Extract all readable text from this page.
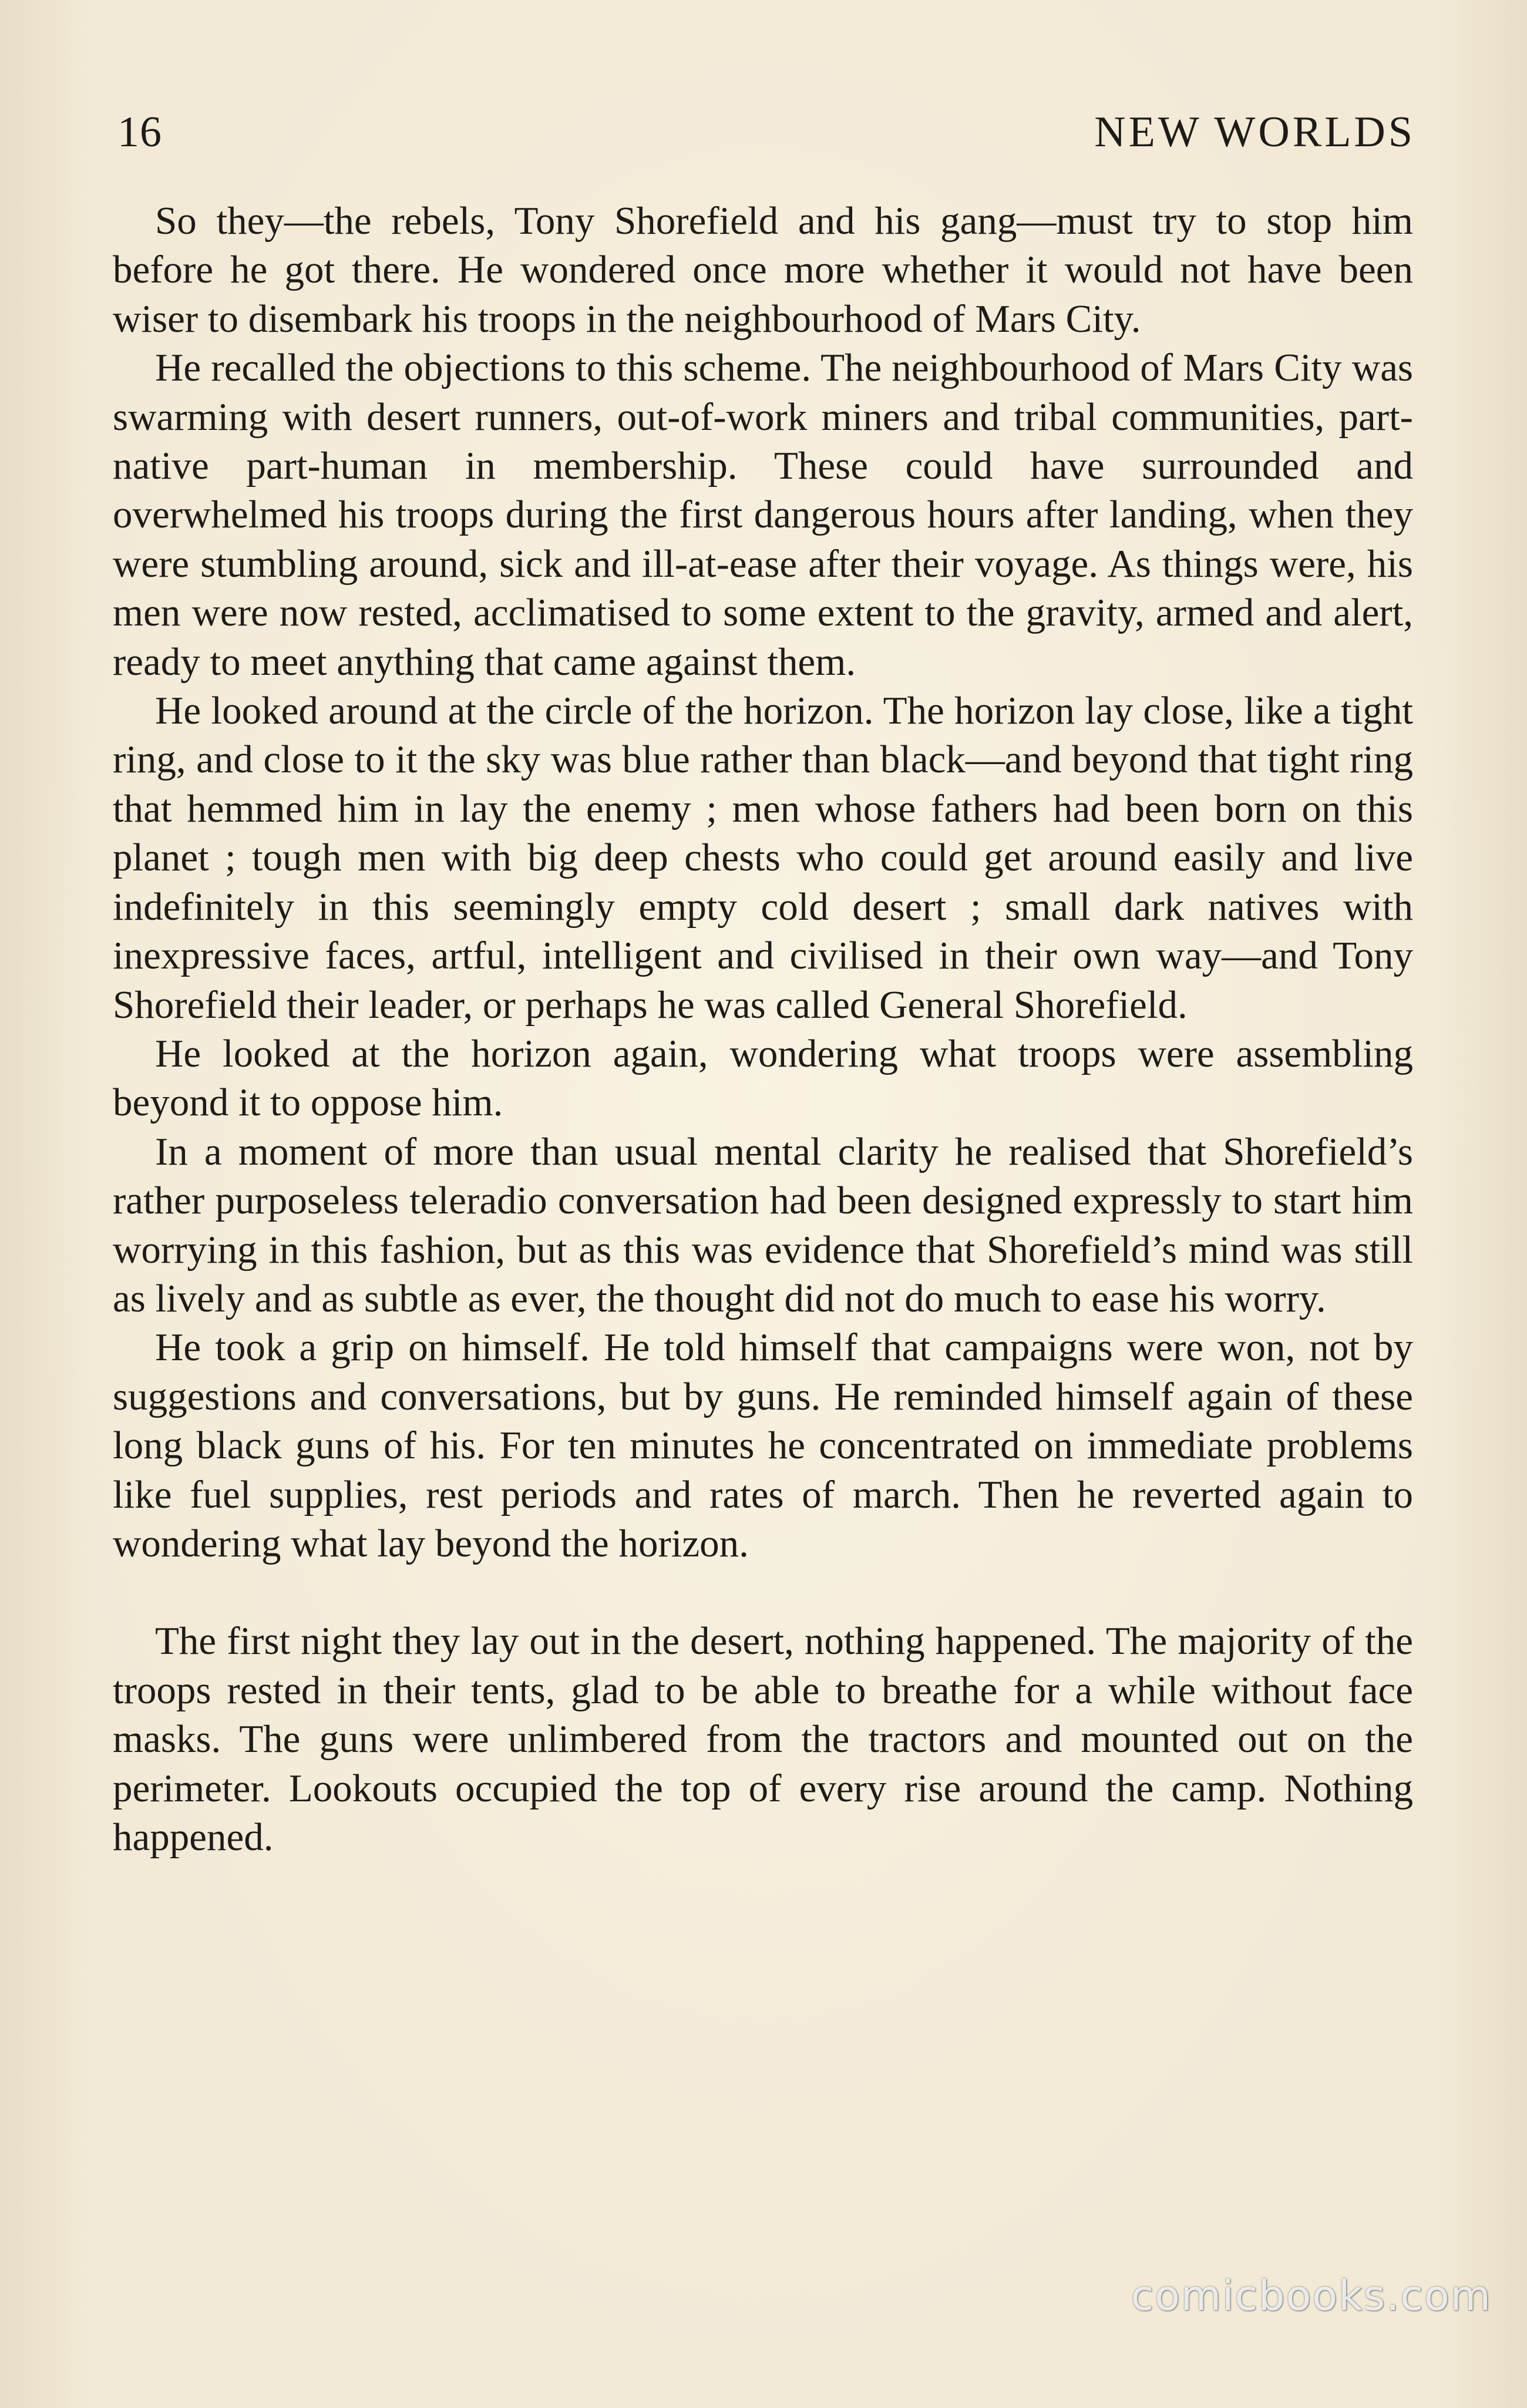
16	NEW WORLDS

So they—the rebels, Tony Shorefield and his gang—must try to stop him before he got there. He wondered once more whether it would not have been wiser to disembark his troops in the neighbourhood of Mars City.

He recalled the objections to this scheme. The neighbourhood of Mars City was swarming with desert runners, out-of-work miners and tribal communities, part-native part-human in membership. These could have surrounded and overwhelmed his troops during the first dangerous hours after landing, when they were stumbling around, sick and ill-at-ease after their voyage. As things were, his men were now rested, acclimatised to some extent to the gravity, armed and alert, ready to meet anything that came against them.

He looked around at the circle of the horizon. The horizon lay close, like a tight ring, and close to it the sky was blue rather than black—and beyond that tight ring that hemmed him in lay the enemy ; men whose fathers had been born on this planet ; tough men with big deep chests who could get around easily and live indefinitely in this seemingly empty cold desert ; small dark natives with inexpressive faces, artful, intelligent and civilised in their own way—and Tony Shorefield their leader, or perhaps he was called General Shorefield.

He looked at the horizon again, wondering what troops were assembling beyond it to oppose him.

In a moment of more than usual mental clarity he realised that Shorefield’s rather purposeless teleradio conversation had been designed expressly to start him worrying in this fashion, but as this was evidence that Shorefield’s mind was still as lively and as subtle as ever, the thought did not do much to ease his worry.

He took a grip on himself. He told himself that campaigns were won, not by suggestions and conversations, but by guns. He reminded himself again of these long black guns of his. For ten minutes he concentrated on immediate problems like fuel supplies, rest periods and rates of march. Then he reverted again to wondering what lay beyond the horizon.

The first night they lay out in the desert, nothing happened. The majority of the troops rested in their tents, glad to be able to breathe for a while without face masks. The guns were unlimbered from the tractors and mounted out on the perimeter. Lookouts occupied the top of every rise around the camp. Nothing happened.

comicbooks.com
